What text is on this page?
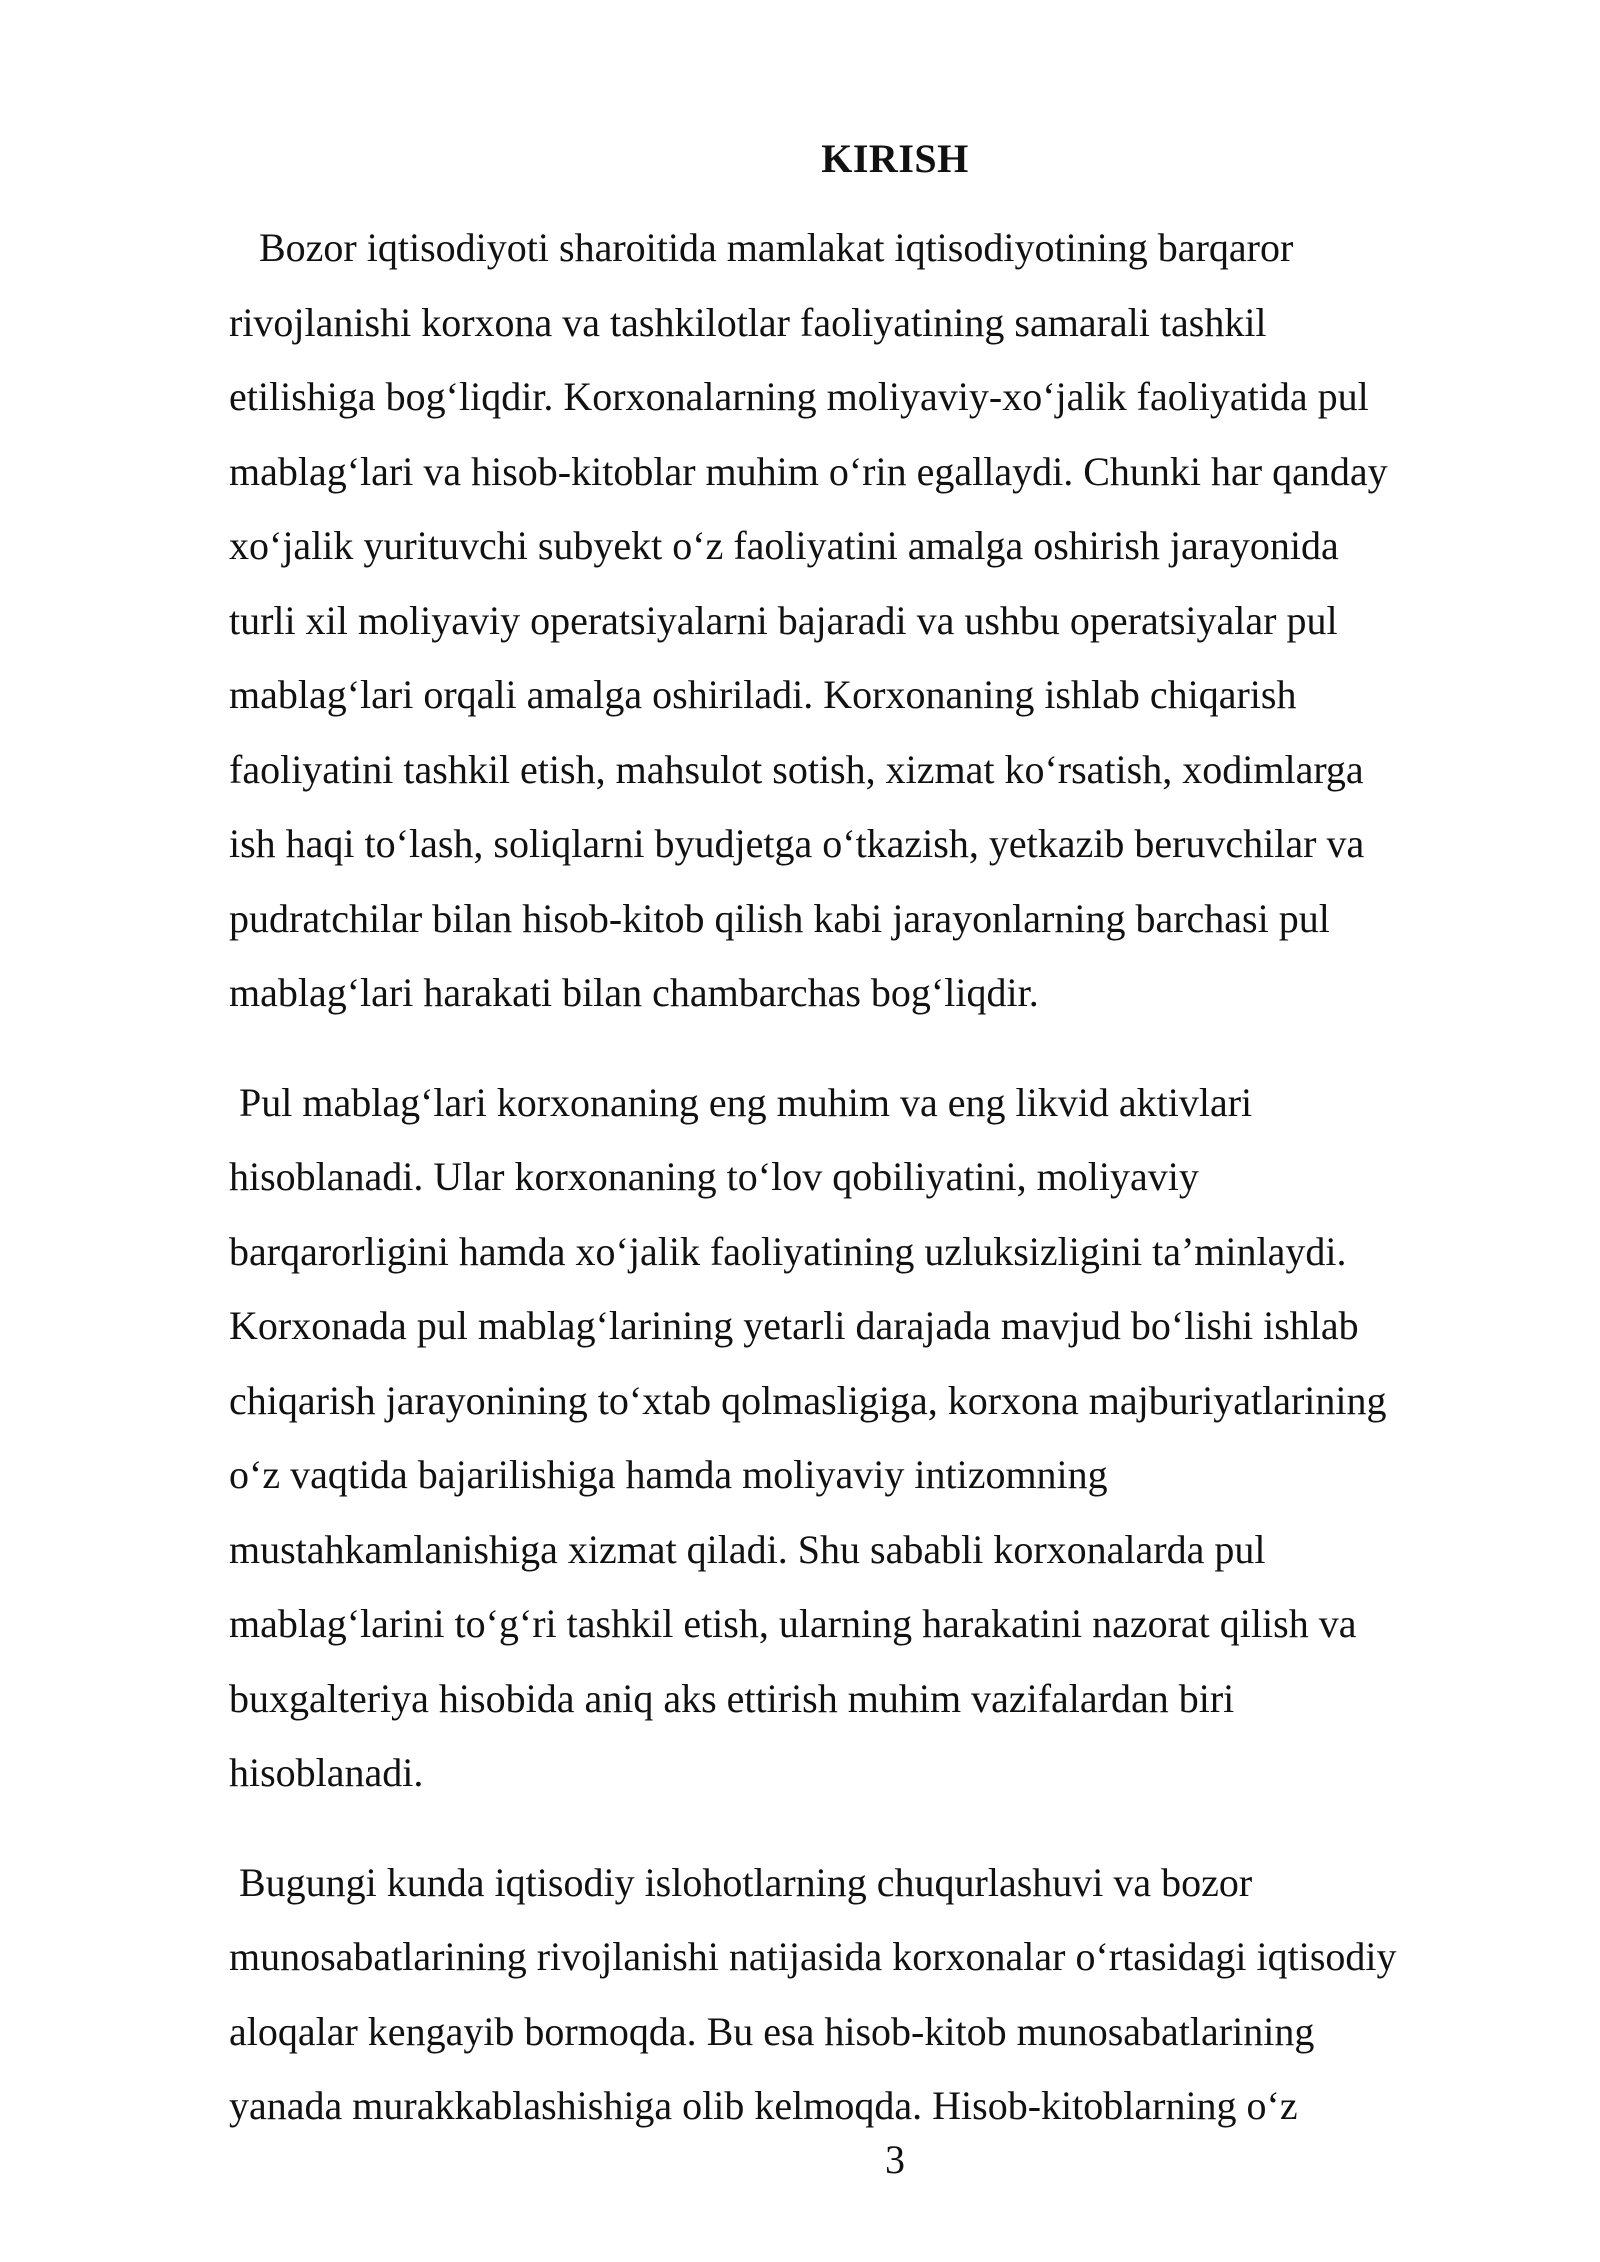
KIRISH

Bozor iqtisodiyoti sharoitida mamlakat iqtisodiyotining barqaror
rivojlanishi korxona va tashkilotlar faoliyatining samarali tashkil
etilishiga bog‘liqdir. Korxonalarning moliyaviy-xo‘jalik faoliyatida pul
mablag‘lari va hisob-kitoblar muhim o‘rin egallaydi. Chunki har qanday
xo‘jalik yurituvchi subyekt o‘z faoliyatini amalga oshirish jarayonida
turli xil moliyaviy operatsiyalarni bajaradi va ushbu operatsiyalar pul
mablag‘lari orqali amalga oshiriladi. Korxonaning ishlab chiqarish
faoliyatini tashkil etish, mahsulot sotish, xizmat ko‘rsatish, xodimlarga
ish haqi to‘lash, soliqlarni byudjetga o‘tkazish, yetkazib beruvchilar va
pudratchilar bilan hisob-kitob qilish kabi jarayonlarning barchasi pul
mablag‘lari harakati bilan chambarchas bog‘liqdir.

Pul mablag‘lari korxonaning eng muhim va eng likvid aktivlari
hisoblanadi. Ular korxonaning to‘lov qobiliyatini, moliyaviy
barqarorligini hamda xo‘jalik faoliyatining uzluksizligini ta’minlaydi.
Korxonada pul mablag‘larining yetarli darajada mavjud bo‘lishi ishlab
chiqarish jarayonining to‘xtab qolmasligiga, korxona majburiyatlarining
o‘z vaqtida bajarilishiga hamda moliyaviy intizomning
mustahkamlanishiga xizmat qiladi. Shu sababli korxonalarda pul
mablag‘larini to‘g‘ri tashkil etish, ularning harakatini nazorat qilish va
buxgalteriya hisobida aniq aks ettirish muhim vazifalardan biri
hisoblanadi.

Bugungi kunda iqtisodiy islohotlarning chuqurlashuvi va bozor
munosabatlarining rivojlanishi natijasida korxonalar o‘rtasidagi iqtisodiy
aloqalar kengayib bormoqda. Bu esa hisob-kitob munosabatlarining
yanada murakkablashishiga olib kelmoqda. Hisob-kitoblarning o‘z

3
